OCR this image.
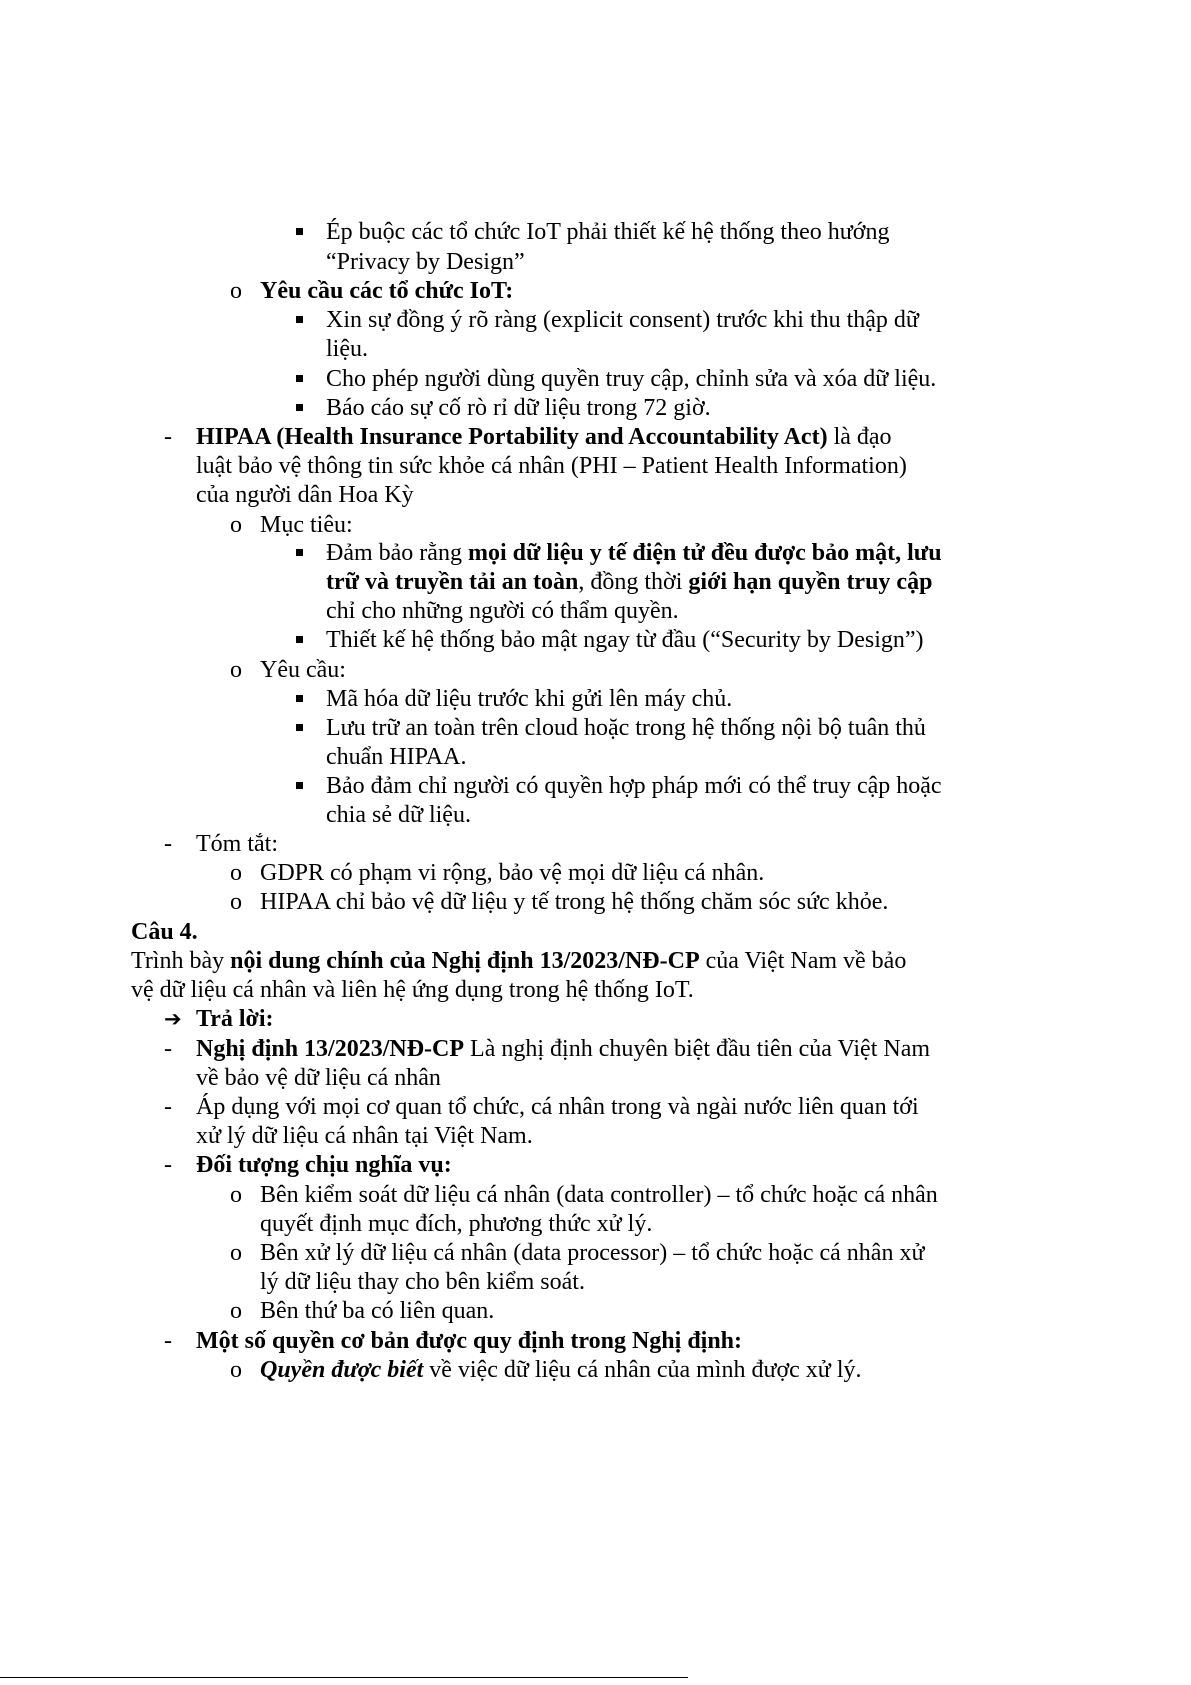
Ép buộc các tổ chức IoT phải thiết kế hệ thống theo hướng
“Privacy by Design”
o Yêu cầu các tổ chức IoT:
Xin sự đồng ý rõ ràng (explicit consent) trước khi thu thập dữ
liệu.
Cho phép người dùng quyền truy cập, chỉnh sửa và xóa dữ liệu.
Báo cáo sự cố rò rỉ dữ liệu trong 72 giờ.
- HIPAA (Health Insurance Portability and Accountability Act) là đạo
luật bảo vệ thông tin sức khỏe cá nhân (PHI – Patient Health Information)
của người dân Hoa Kỳ
o Mục tiêu:
Đảm bảo rằng mọi dữ liệu y tế điện tử đều được bảo mật, lưu
trữ và truyền tải an toàn, đồng thời giới hạn quyền truy cập
chỉ cho những người có thẩm quyền.
Thiết kế hệ thống bảo mật ngay từ đầu (“Security by Design”)
o Yêu cầu:
Mã hóa dữ liệu trước khi gửi lên máy chủ.
Lưu trữ an toàn trên cloud hoặc trong hệ thống nội bộ tuân thủ
chuẩn HIPAA.
Bảo đảm chỉ người có quyền hợp pháp mới có thể truy cập hoặc
chia sẻ dữ liệu.
- Tóm tắt:
o GDPR có phạm vi rộng, bảo vệ mọi dữ liệu cá nhân.
o HIPAA chỉ bảo vệ dữ liệu y tế trong hệ thống chăm sóc sức khỏe.
Câu 4.
Trình bày nội dung chính của Nghị định 13/2023/NĐ-CP của Việt Nam về bảo
vệ dữ liệu cá nhân và liên hệ ứng dụng trong hệ thống IoT.
➔ Trả lời:
- Nghị định 13/2023/NĐ-CP Là nghị định chuyên biệt đầu tiên của Việt Nam
về bảo vệ dữ liệu cá nhân
- Áp dụng với mọi cơ quan tổ chức, cá nhân trong và ngài nước liên quan tới
xử lý dữ liệu cá nhân tại Việt Nam.
- Đối tượng chịu nghĩa vụ:
o Bên kiểm soát dữ liệu cá nhân (data controller) – tổ chức hoặc cá nhân
quyết định mục đích, phương thức xử lý.
o Bên xử lý dữ liệu cá nhân (data processor) – tổ chức hoặc cá nhân xử
lý dữ liệu thay cho bên kiểm soát.
o Bên thứ ba có liên quan.
- Một số quyền cơ bản được quy định trong Nghị định:
o Quyền được biết về việc dữ liệu cá nhân của mình được xử lý.
